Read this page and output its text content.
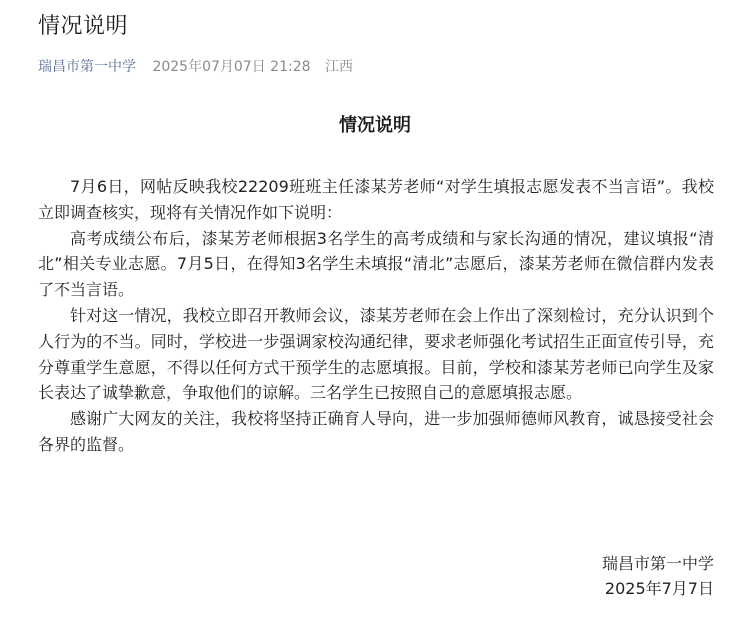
情况说明
瑞昌市第一中学 2025年07月07日 21:28 江西
情况说明

7月6日，网帖反映我校22209班班主任漆某芳老师“对学生填报志愿发表不当言语”。我校立即调查核实，现将有关情况作如下说明：

高考成绩公布后，漆某芳老师根据3名学生的高考成绩和与家长沟通的情况，建议填报“清北”相关专业志愿。7月5日，在得知3名学生未填报“清北”志愿后，漆某芳老师在微信群内发表了不当言语。

针对这一情况，我校立即召开教师会议，漆某芳老师在会上作出了深刻检讨，充分认识到个人行为的不当。同时，学校进一步强调家校沟通纪律，要求老师强化考试招生正面宣传引导，充分尊重学生意愿，不得以任何方式干预学生的志愿填报。目前，学校和漆某芳老师已向学生及家长表达了诚挚歉意，争取他们的谅解。三名学生已按照自己的意愿填报志愿。

感谢广大网友的关注，我校将坚持正确育人导向，进一步加强师德师风教育，诚恳接受社会各界的监督。

瑞昌市第一中学
2025年7月7日
